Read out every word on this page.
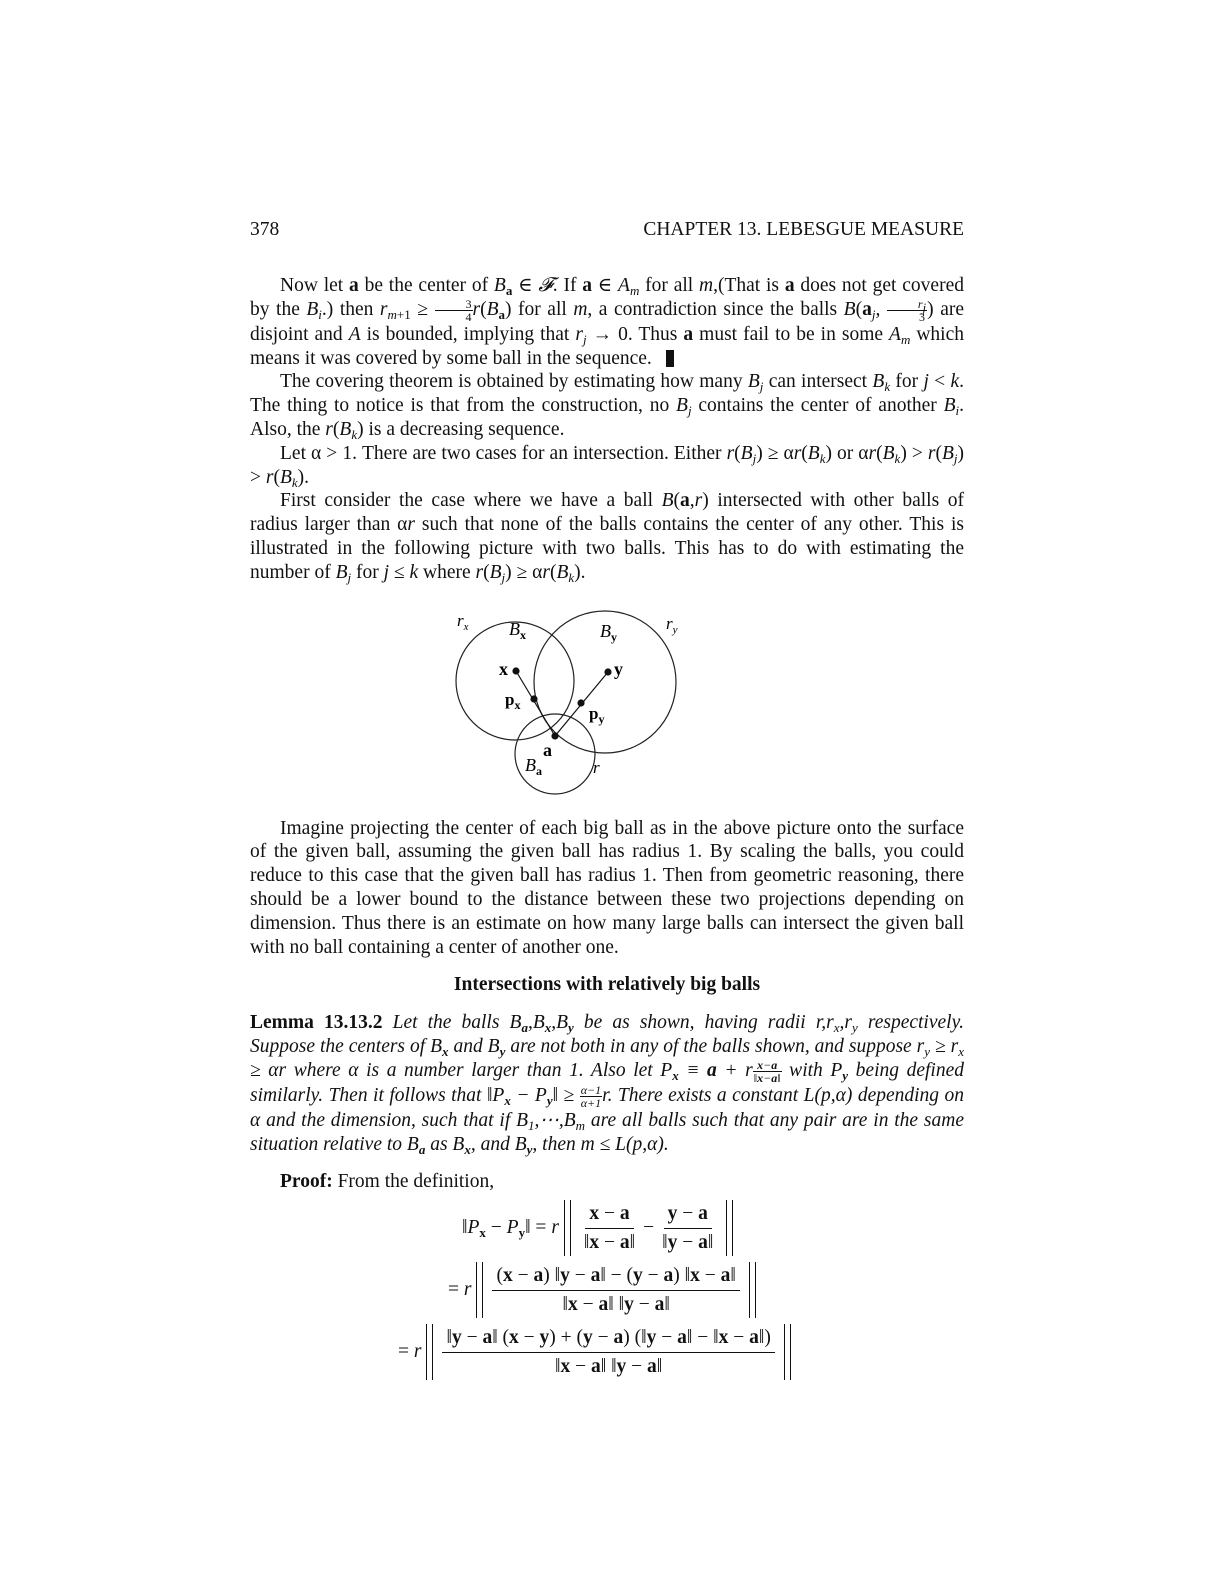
378	CHAPTER 13. LEBESGUE MEASURE

Now let a be the center of $B_a$ ∈ 𝓕. If a ∈ $A_m$ for all m,(That is a does not get covered by the $B_i$.) then $r_{m+1} \ge \frac{3}{4} r(B_a)$ for all m, a contradiction since the balls $B(a_j$, $\frac{r_j}{3}$ ) are disjoint and A is bounded, implying that $r_j \to 0$. Thus a must fail to be in some $A_m$ which means it was covered by some ball in the sequence.

The covering theorem is obtained by estimating how many $B_j$ can intersect $B_k$ for j < k. The thing to notice is that from the construction, no $B_j$ contains the center of another $B_i$. Also, the $r(B_k)$ is a decreasing sequence.

Let α > 1. There are two cases for an intersection. Either $r(B_j) \ge \alpha r(B_k)$ or $\alpha r(B_k) > r(B_j) > r(B_k)$.

First consider the case where we have a ball B(a,r) intersected with other balls of radius larger than αr such that none of the balls contains the center of any other. This is illustrated in the following picture with two balls. This has to do with estimating the number of $B_j$ for j ≤ k where $r(B_j) \ge \alpha r(B_k)$.

$r_x$ $B_x$	$B_y$
$r_y$
x	y
$p_x$	$p_y$
a
$B_a$	r

Imagine projecting the center of each big ball as in the above picture onto the surface of the given ball, assuming the given ball has radius 1. By scaling the balls, you could reduce to this case that the given ball has radius 1. Then from geometric reasoning, there should be a lower bound to the distance between these two projections depending on dimension. Thus there is an estimate on how many large balls can intersect the given ball with no ball containing a center of another one.

Intersections with relatively big balls

Lemma 13.13.2 Let the balls $B_a,B_x,B_y$ be as shown, having radii $r,r_x,r_y$ respectively. Suppose the centers of $B_x$ and $B_y$ are not both in any of the balls shown, and suppose $r_y \ge r_x \ge \alpha r$ where α is a number larger than 1. Also let $P_x \equiv a + r \frac{x-a}{‖x-a‖}$ with $P_y$ being defined similarly. Then it follows that $‖P_x$ − $P_y‖ \ge \frac{\alpha-1}{\alpha+1} r$. There exists a constant L(p,α) depending on α and the dimension, such that if $B_1,\cdots,B_m$ are all balls such that any pair are in the same situation relative to $B_a$ as $B_x$, and $B_y$, then m ≤ L(p,α).

Proof: From the definition,

$‖P_x$ − $P_y‖ = r$
x − a
‖x − a‖
− $\frac{y - a}{‖y - a‖}$
= r
(x − a) ‖y − a‖ − (y − a) ‖x − a‖
‖x − a‖ ‖y − a‖
= r
‖y − a‖ (x − y) + (y − a) (‖y − a‖ − ‖x − a‖)
‖x − a‖ ‖y − a‖
